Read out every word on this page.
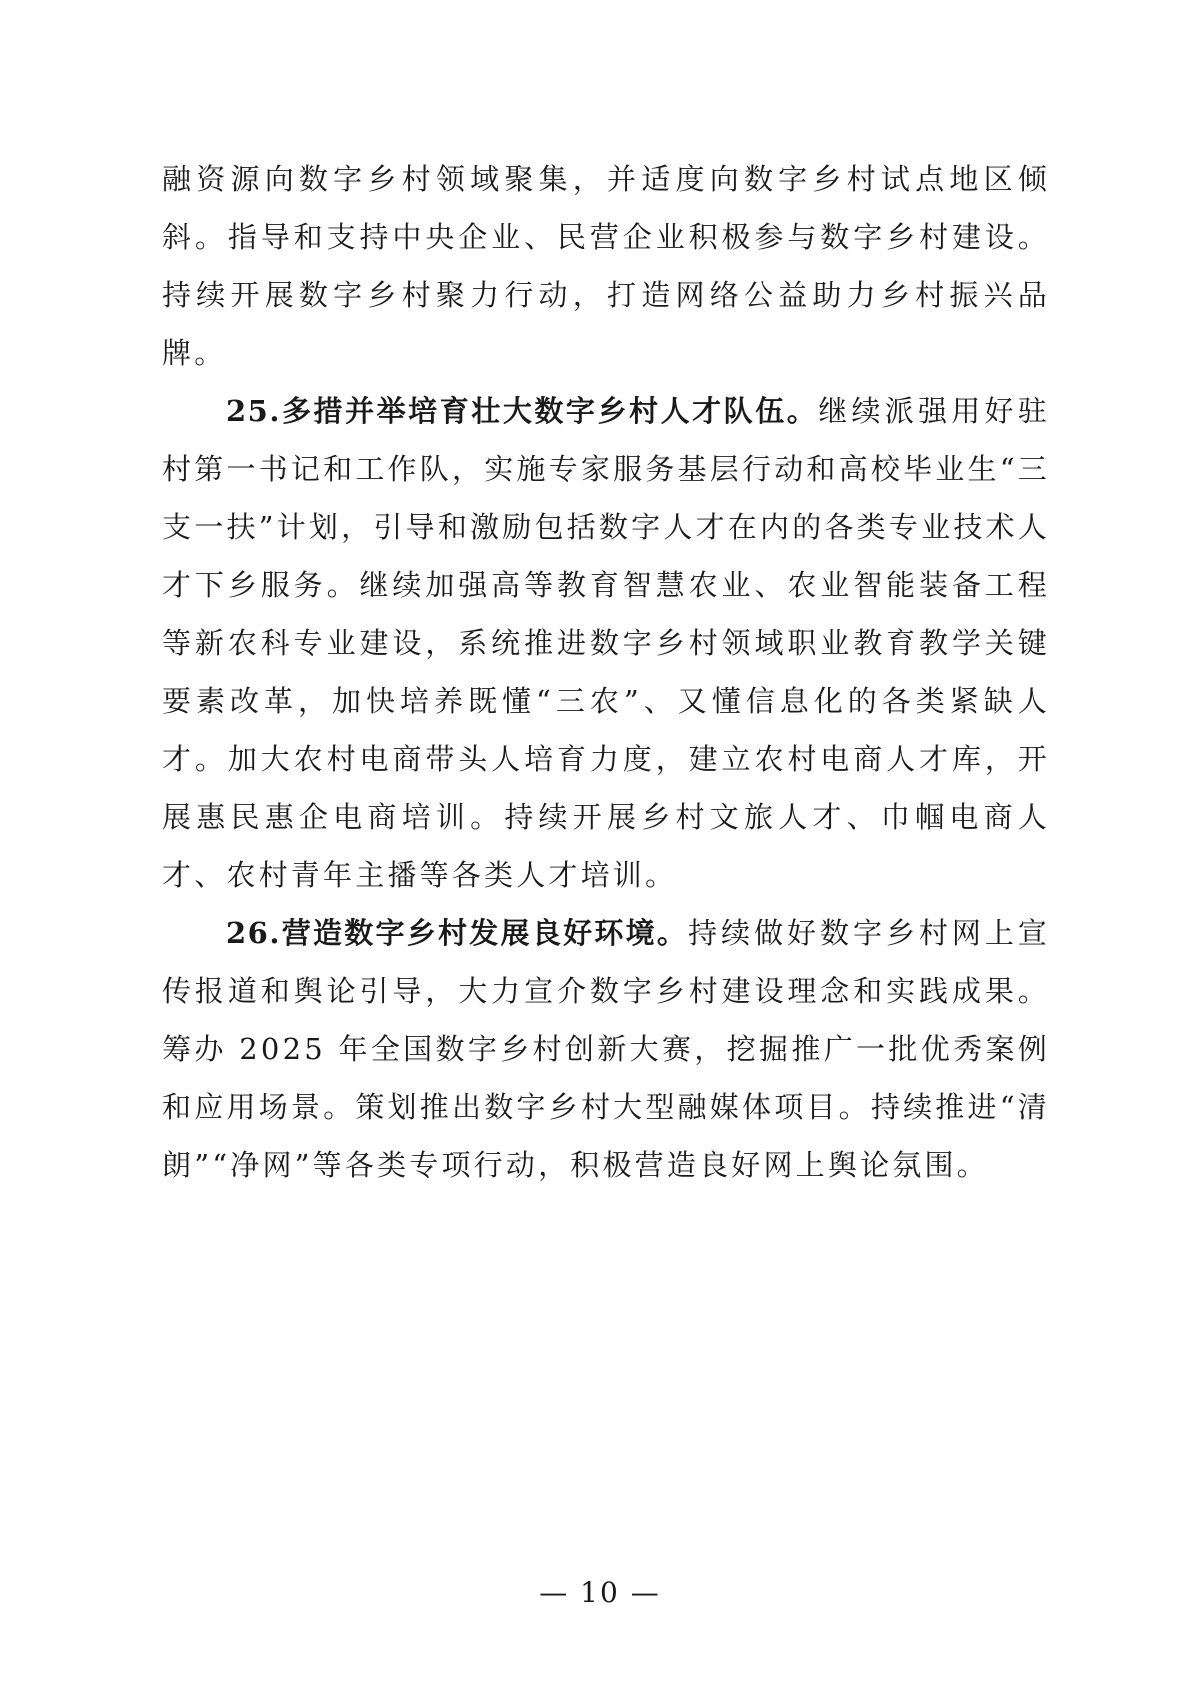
融资源向数字乡村领域聚集，并适度向数字乡村试点地区倾斜。指导和支持中央企业、民营企业积极参与数字乡村建设。持续开展数字乡村聚力行动，打造网络公益助力乡村振兴品牌。

25.多措并举培育壮大数字乡村人才队伍。继续派强用好驻村第一书记和工作队，实施专家服务基层行动和高校毕业生“三支一扶”计划，引导和激励包括数字人才在内的各类专业技术人才下乡服务。继续加强高等教育智慧农业、农业智能装备工程等新农科专业建设，系统推进数字乡村领域职业教育教学关键要素改革，加快培养既懂“三农”、又懂信息化的各类紧缺人才。加大农村电商带头人培育力度，建立农村电商人才库，开展惠民惠企电商培训。持续开展乡村文旅人才、巾帼电商人才、农村青年主播等各类人才培训。

26.营造数字乡村发展良好环境。持续做好数字乡村网上宣传报道和舆论引导，大力宣介数字乡村建设理念和实践成果。筹办 2025 年全国数字乡村创新大赛，挖掘推广一批优秀案例和应用场景。策划推出数字乡村大型融媒体项目。持续推进“清朗”“净网”等各类专项行动，积极营造良好网上舆论氛围。

— 10 —
